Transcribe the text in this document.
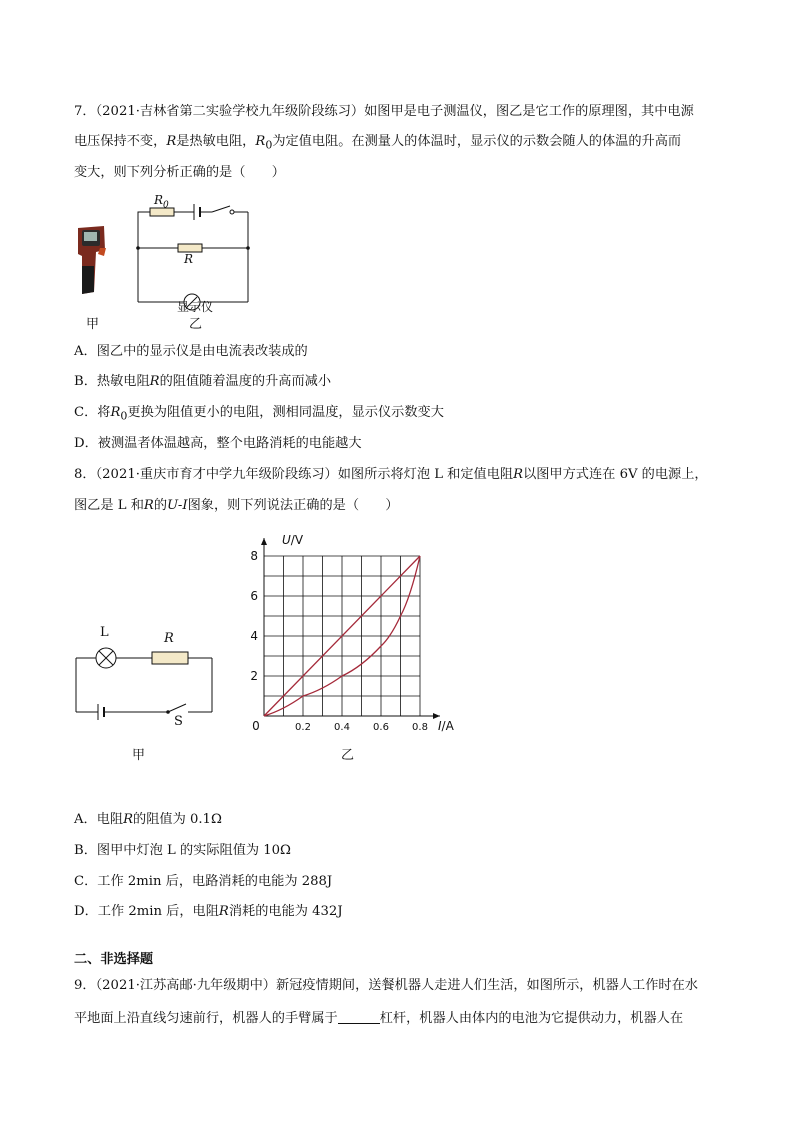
7．（2021·吉林省第二实验学校九年级阶段练习）如图甲是电子测温仪，图乙是它工作的原理图，其中电源
电压保持不变，R是热敏电阻，$R_0$为定值电阻。在测量人的体温时，显示仪的示数会随人的体温的升高而
变大，则下列分析正确的是（　　）
甲
$R_0$
R
显示仪
乙
A．图乙中的显示仪是由电流表改装成的
B．热敏电阻R的阻值随着温度的升高而减小
C．将$R_0$更换为阻值更小的电阻，测相同温度，显示仪示数变大
D．被测温者体温越高，整个电路消耗的电能越大
8．（2021·重庆市育才中学九年级阶段练习）如图所示将灯泡 L 和定值电阻R以图甲方式连在 6V 的电源上，
图乙是 L 和R的U-I图象，则下列说法正确的是（　　）
L	R
S
甲
0.2 0.4 0.6 0.8
2
4
6
8
0	I/A
U/V
乙
A．电阻R的阻值为 0.1Ω
B．图甲中灯泡 L 的实际阻值为 10Ω
C．工作 2min 后，电路消耗的电能为 288J
D．工作 2min 后，电阻R消耗的电能为 432J
二、非选择题
9．（2021·江苏高邮·九年级期中）新冠疫情期间，送餐机器人走进人们生活，如图所示，机器人工作时在水
平地面上沿直线匀速前行，机器人的手臂属于	杠杆，机器人由体内的电池为它提供动力，机器人在
